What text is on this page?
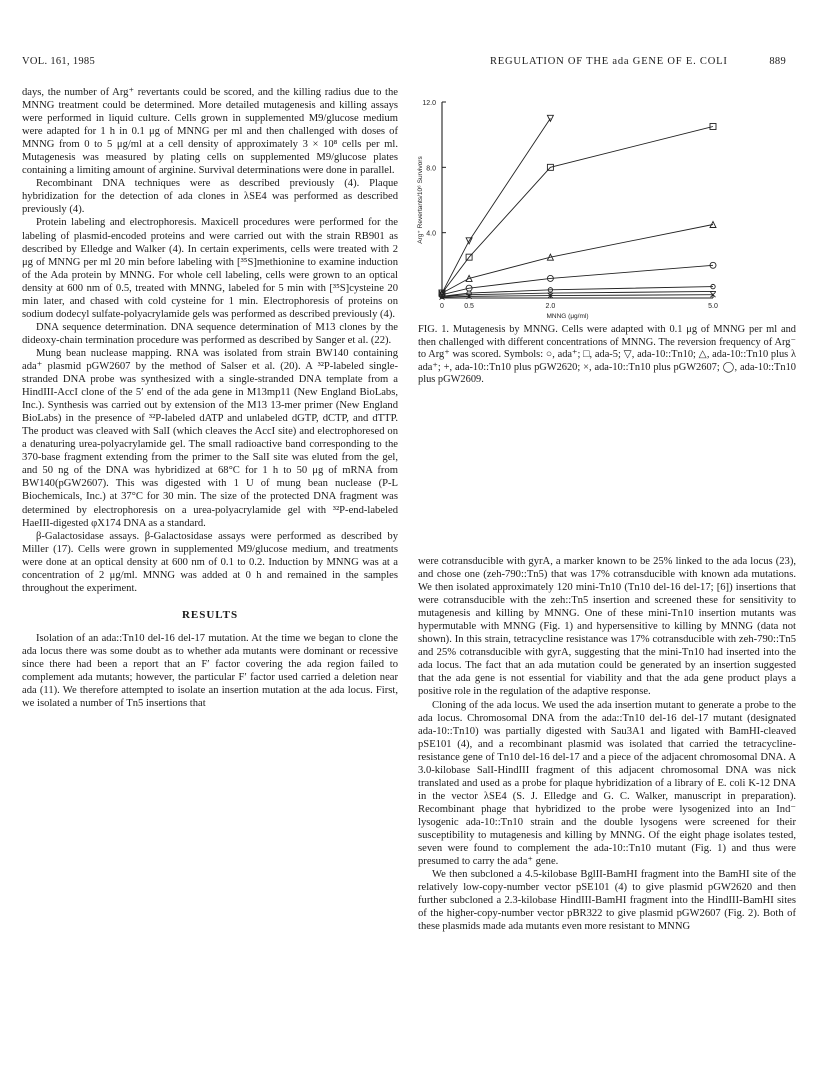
VOL. 161, 1985	REGULATION OF THE ada GENE OF E. COLI	889

days, the number of Arg⁺ revertants could be scored, and the killing radius due to the MNNG treatment could be determined. More detailed mutagenesis and killing assays were performed in liquid culture. Cells grown in supplemented M9/glucose medium were adapted for 1 h in 0.1 μg of MNNG per ml and then challenged with doses of MNNG from 0 to 5 μg/ml at a cell density of approximately 3 × 10⁸ cells per ml. Mutagenesis was measured by plating cells on supplemented M9/glucose plates containing a limiting amount of arginine. Survival determinations were done in parallel.

Recombinant DNA techniques were as described previously (4). Plaque hybridization for the detection of ada clones in λSE4 was performed as described previously (4).

Protein labeling and electrophoresis. Maxicell procedures were performed for the labeling of plasmid-encoded proteins and were carried out with the strain RB901 as described by Elledge and Walker (4). In certain experiments, cells were treated with 2 μg of MNNG per ml 20 min before labeling with [³⁵S]methionine to examine induction of the Ada protein by MNNG. For whole cell labeling, cells were grown to an optical density at 600 nm of 0.5, treated with MNNG, labeled for 5 min with [³⁵S]cysteine 20 min later, and chased with cold cysteine for 1 min. Electrophoresis of proteins on sodium dodecyl sulfate-polyacrylamide gels was performed as described previously (4).

DNA sequence determination. DNA sequence determination of M13 clones by the dideoxy-chain termination procedure was performed as described by Sanger et al. (22).

Mung bean nuclease mapping. RNA was isolated from strain BW140 containing ada⁺ plasmid pGW2607 by the method of Salser et al. (20). A ³²P-labeled single-stranded DNA probe was synthesized with a single-stranded DNA template from a HindIII-AccI clone of the 5′ end of the ada gene in M13mp11 (New England BioLabs, Inc.). Synthesis was carried out by extension of the M13 13-mer primer (New England BioLabs) in the presence of ³²P-labeled dATP and unlabeled dGTP, dCTP, and dTTP. The product was cleaved with SalI (which cleaves the AccI site) and electrophoresed on a denaturing urea-polyacrylamide gel. The small radioactive band corresponding to the 370-base fragment extending from the primer to the SalI site was eluted from the gel, and 50 ng of the DNA was hybridized at 68°C for 1 h to 50 μg of mRNA from BW140(pGW2607). This was digested with 1 U of mung bean nuclease (P-L Biochemicals, Inc.) at 37°C for 30 min. The size of the protected DNA fragment was determined by electrophoresis on a urea-polyacrylamide gel with ³²P-end-labeled HaeIII-digested φX174 DNA as a standard.

β-Galactosidase assays. β-Galactosidase assays were performed as described by Miller (17). Cells were grown in supplemented M9/glucose medium, and treatments were done at an optical density at 600 nm of 0.1 to 0.2. Induction by MNNG was at a concentration of 2 μg/ml. MNNG was added at 0 h and remained in the samples throughout the experiment.

RESULTS

Isolation of an ada::Tn10 del-16 del-17 mutation. At the time we began to clone the ada locus there was some doubt as to whether ada mutants were dominant or recessive since there had been a report that an F′ factor covering the ada region failed to complement ada mutants; however, the particular F′ factor used carried a deletion near ada (11). We therefore attempted to isolate an insertion mutation at the ada locus. First, we isolated a number of Tn5 insertions that

4.0
8.0
12.0
0	0.5	2.0	5.0
MNNG (μg/ml)
Arg⁺ Revertants/10⁶ Survivors

FIG. 1. Mutagenesis by MNNG. Cells were adapted with 0.1 μg of MNNG per ml and then challenged with different concentrations of MNNG. The reversion frequency of Arg⁻ to Arg⁺ was scored. Symbols: ○, ada⁺; □, ada-5; ▽, ada-10::Tn10; △, ada-10::Tn10 plus λ ada⁺; +, ada-10::Tn10 plus pGW2620; ×, ada-10::Tn10 plus pGW2607; ◯, ada-10::Tn10 plus pGW2609.

were cotransducible with gyrA, a marker known to be 25% linked to the ada locus (23), and chose one (zeh-790::Tn5) that was 17% cotransducible with known ada mutations. We then isolated approximately 120 mini-Tn10 (Tn10 del-16 del-17; [6]) insertions that were cotransducible with the zeh::Tn5 insertion and screened these for sensitivity to mutagenesis and killing by MNNG. One of these mini-Tn10 insertion mutants was hypermutable with MNNG (Fig. 1) and hypersensitive to killing by MNNG (data not shown). In this strain, tetracycline resistance was 17% cotransducible with zeh-790::Tn5 and 25% cotransducible with gyrA, suggesting that the mini-Tn10 had inserted into the ada locus. The fact that an ada mutation could be generated by an insertion suggested that the ada gene is not essential for viability and that the ada gene product plays a positive role in the regulation of the adaptive response.

Cloning of the ada locus. We used the ada insertion mutant to generate a probe to the ada locus. Chromosomal DNA from the ada::Tn10 del-16 del-17 mutant (designated ada-10::Tn10) was partially digested with Sau3A1 and ligated with BamHI-cleaved pSE101 (4), and a recombinant plasmid was isolated that carried the tetracycline-resistance gene of Tn10 del-16 del-17 and a piece of the adjacent chromosomal DNA. A 3.0-kilobase SalI-HindIII fragment of this adjacent chromosomal DNA was nick translated and used as a probe for plaque hybridization of a library of E. coli K-12 DNA in the vector λSE4 (S. J. Elledge and G. C. Walker, manuscript in preparation). Recombinant phage that hybridized to the probe were lysogenized into an Ind⁻ lysogenic ada-10::Tn10 strain and the double lysogens were screened for their susceptibility to mutagenesis and killing by MNNG. Of the eight phage isolates tested, seven were found to complement the ada-10::Tn10 mutant (Fig. 1) and thus were presumed to carry the ada⁺ gene.

We then subcloned a 4.5-kilobase BglII-BamHI fragment into the BamHI site of the relatively low-copy-number vector pSE101 (4) to give plasmid pGW2620 and then further subcloned a 2.3-kilobase HindIII-BamHI fragment into the HindIII-BamHI sites of the higher-copy-number vector pBR322 to give plasmid pGW2607 (Fig. 2). Both of these plasmids made ada mutants even more resistant to MNNG
